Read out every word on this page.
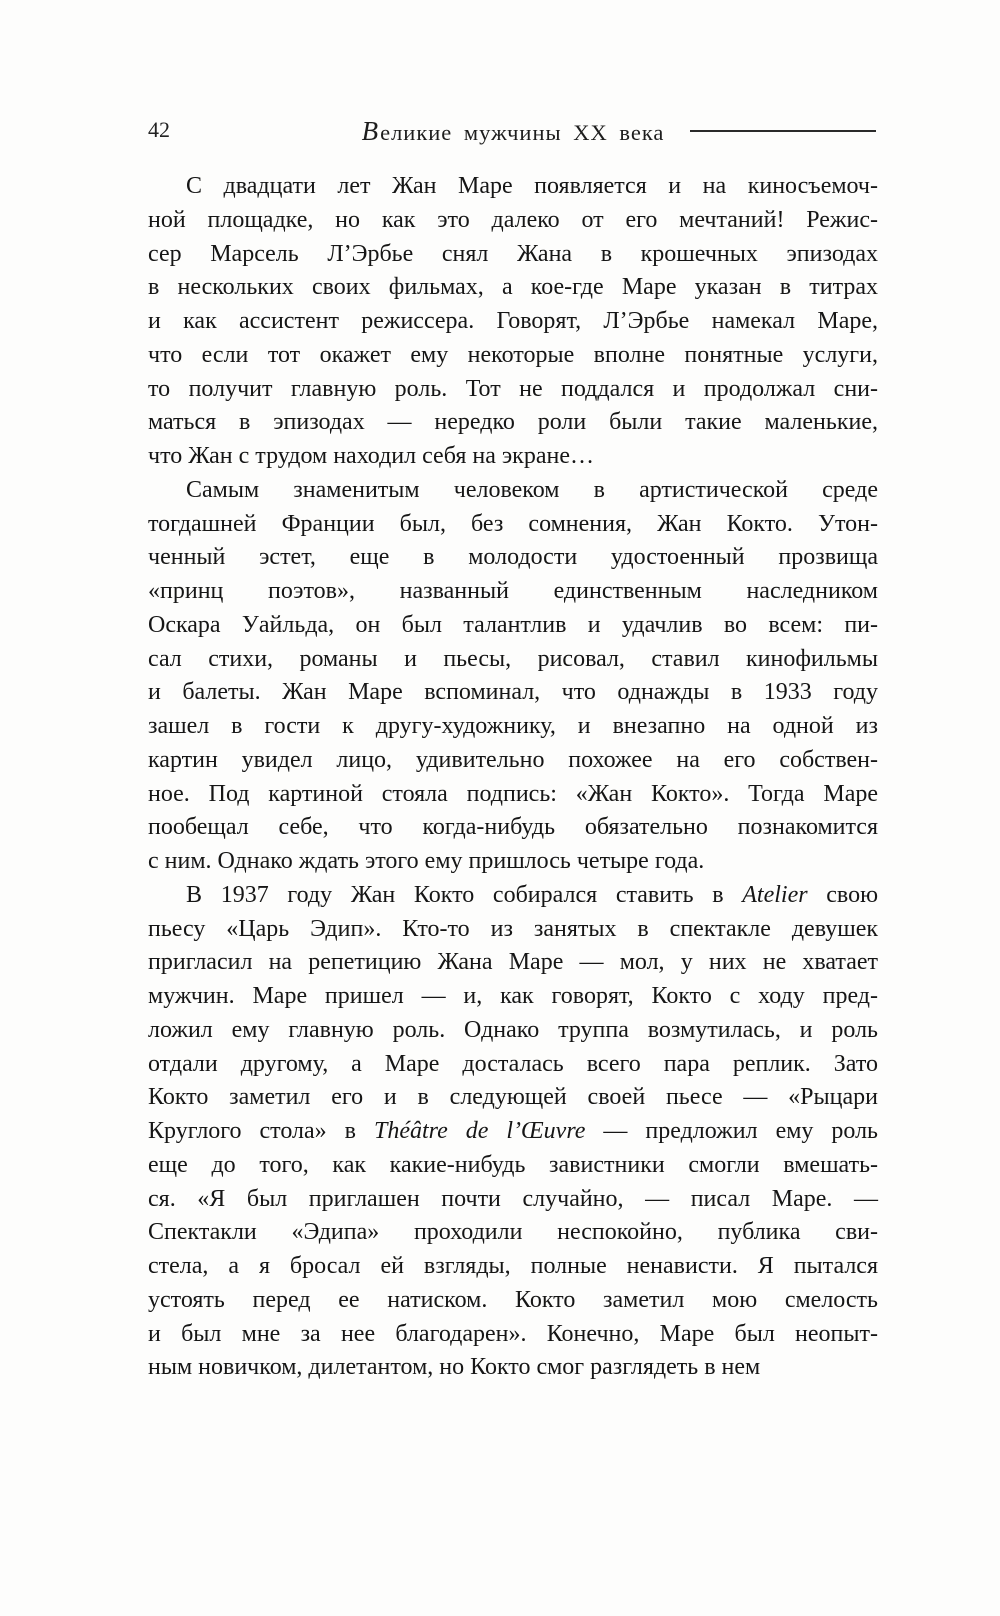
42	Великие мужчины XX века
С двадцати лет Жан Маре появляется и на киносъемоч-
ной площадке, но как это далеко от его мечтаний! Режис-
сер Марсель Л’Эрбье снял Жана в крошечных эпизодах
в нескольких своих фильмах, а кое-где Маре указан в титрах
и как ассистент режиссера. Говорят, Л’Эрбье намекал Маре,
что если тот окажет ему некоторые вполне понятные услуги,
то получит главную роль. Тот не поддался и продолжал сни-
маться в эпизодах — нередко роли были такие маленькие,
что Жан с трудом находил себя на экране…
Самым знаменитым человеком в артистической среде
тогдашней Франции был, без сомнения, Жан Кокто. Утон-
ченный эстет, еще в молодости удостоенный прозвища
«принц поэтов», названный единственным наследником
Оскара Уайльда, он был талантлив и удачлив во всем: пи-
сал стихи, романы и пьесы, рисовал, ставил кинофильмы
и балеты. Жан Маре вспоминал, что однажды в 1933 году
зашел в гости к другу-художнику, и внезапно на одной из
картин увидел лицо, удивительно похожее на его собствен-
ное. Под картиной стояла подпись: «Жан Кокто». Тогда Маре
пообещал себе, что когда-нибудь обязательно познакомится
с ним. Однако ждать этого ему пришлось четыре года.
В 1937 году Жан Кокто собирался ставить в Atelier свою
пьесу «Царь Эдип». Кто-то из занятых в спектакле девушек
пригласил на репетицию Жана Маре — мол, у них не хватает
мужчин. Маре пришел — и, как говорят, Кокто с ходу пред-
ложил ему главную роль. Однако труппа возмутилась, и роль
отдали другому, а Маре досталась всего пара реплик. Зато
Кокто заметил его и в следующей своей пьесе — «Рыцари
Круглого стола» в Théâtre de l’Œuvre — предложил ему роль
еще до того, как какие-нибудь завистники смогли вмешать-
ся. «Я был приглашен почти случайно, — писал Маре. —
Спектакли «Эдипа» проходили неспокойно, публика сви-
стела, а я бросал ей взгляды, полные ненависти. Я пытался
устоять перед ее натиском. Кокто заметил мою смелость
и был мне за нее благодарен». Конечно, Маре был неопыт-
ным новичком, дилетантом, но Кокто смог разглядеть в нем
